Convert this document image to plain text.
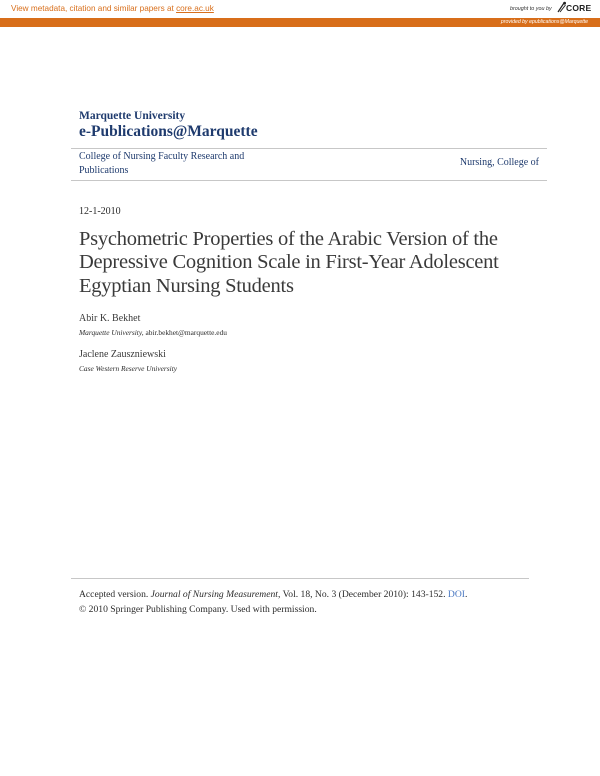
View metadata, citation and similar papers at core.ac.uk	brought to you by CORE
provided by epublications@Marquette
Marquette University
e-Publications@Marquette
College of Nursing Faculty Research and Publications
Nursing, College of
12-1-2010
Psychometric Properties of the Arabic Version of the Depressive Cognition Scale in First-Year Adolescent Egyptian Nursing Students
Abir K. Bekhet
Marquette University, abir.bekhet@marquette.edu
Jaclene Zauszniewski
Case Western Reserve University
Accepted version. Journal of Nursing Measurement, Vol. 18, No. 3 (December 2010): 143-152. DOI.
© 2010 Springer Publishing Company. Used with permission.
